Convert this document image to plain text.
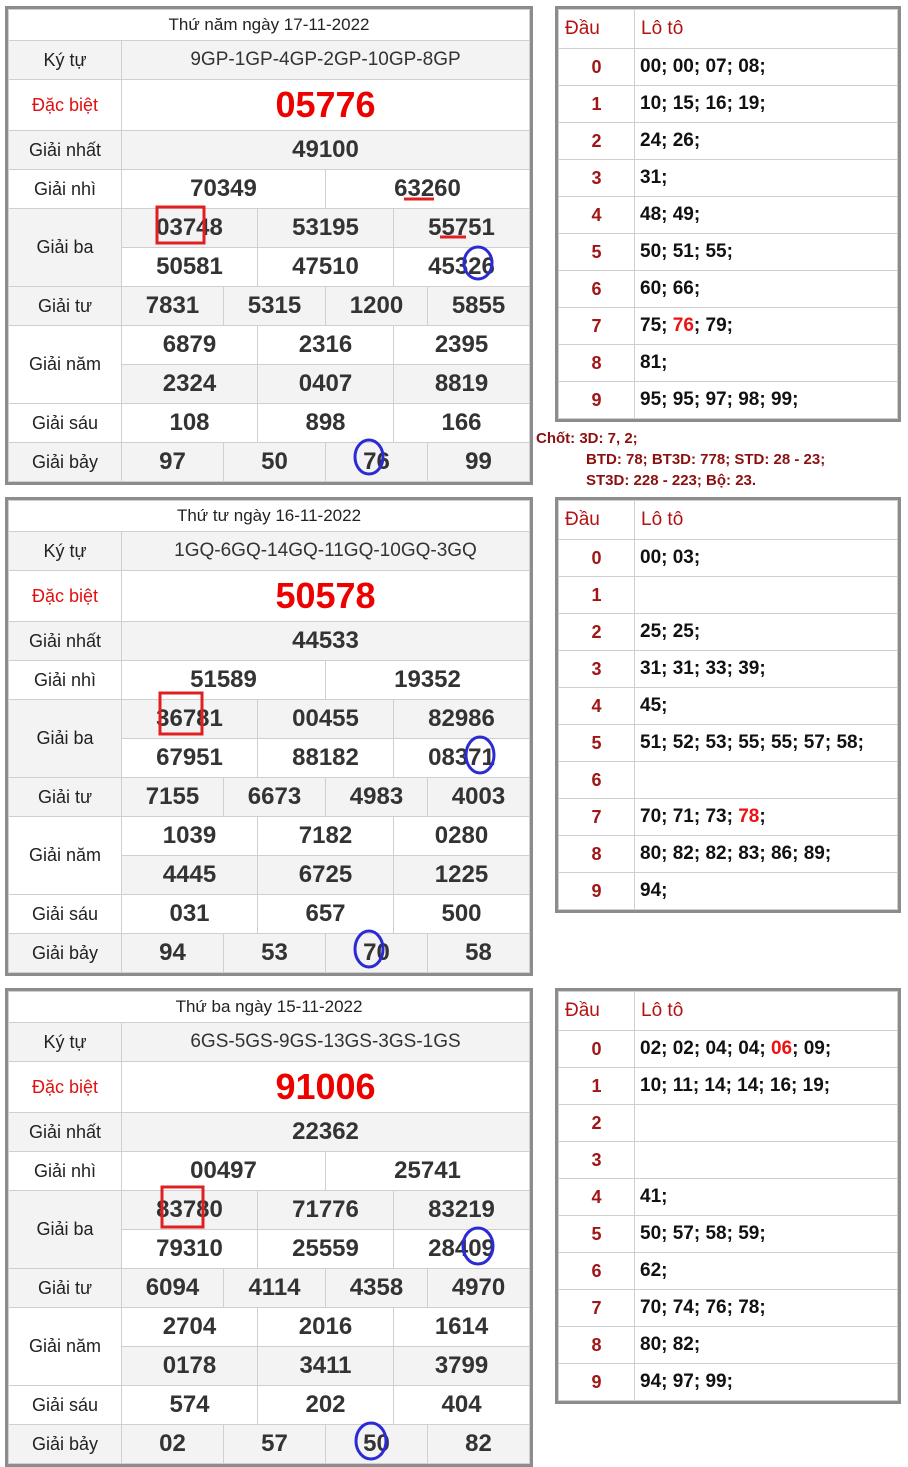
Thứ năm ngày 17-11-2022						
Ký tự	9GP-1GP-4GP-2GP-10GP-8GP					
Đặc biệt	05776					
Giải nhất	49100					
Giải nhì	70349			63260		
Giải ba	03748		53195		55751	
	50581		47510		45326	
Giải tư	7831	5315		1200		5855
Giải năm	6879		2316		2395	
	2324		0407		8819	
Giải sáu	108		898		166	
Giải bảy	97	50		76		99
Đầu	Lô tô
0	00; 00; 07; 08;
1	10; 15; 16; 19;
2	24; 26;
3	31;
4	48; 49;
5	50; 51; 55;
6	60; 66;
7	75; 76; 79;
8	81;
9	95; 95; 97; 98; 99;
Thứ tư ngày 16-11-2022						
Ký tự	1GQ-6GQ-14GQ-11GQ-10GQ-3GQ					
Đặc biệt	50578					
Giải nhất	44533					
Giải nhì	51589			19352		
Giải ba	36781		00455		82986	
	67951		88182		08371	
Giải tư	7155	6673		4983		4003
Giải năm	1039		7182		0280	
	4445		6725		1225	
Giải sáu	031		657		500	
Giải bảy	94	53		70		58
Đầu	Lô tô
0	00; 03;
1	
2	25; 25;
3	31; 31; 33; 39;
4	45;
5	51; 52; 53; 55; 55; 57; 58;
6	
7	70; 71; 73; 78;
8	80; 82; 82; 83; 86; 89;
9	94;
Thứ ba ngày 15-11-2022						
Ký tự	6GS-5GS-9GS-13GS-3GS-1GS					
Đặc biệt	91006					
Giải nhất	22362					
Giải nhì	00497			25741		
Giải ba	83780		71776		83219	
	79310		25559		28409	
Giải tư	6094	4114		4358		4970
Giải năm	2704		2016		1614	
	0178		3411		3799	
Giải sáu	574		202		404	
Giải bảy	02	57		50		82
Đầu	Lô tô
0	02; 02; 04; 04; 06; 09;
1	10; 11; 14; 14; 16; 19;
2	
3	
4	41;
5	50; 57; 58; 59;
6	62;
7	70; 74; 76; 78;
8	80; 82;
9	94; 97; 99;
Chốt: 3D: 7, 2;
BTD: 78; BT3D: 778; STD: 28 - 23;
ST3D: 228 - 223; Bộ: 23.
